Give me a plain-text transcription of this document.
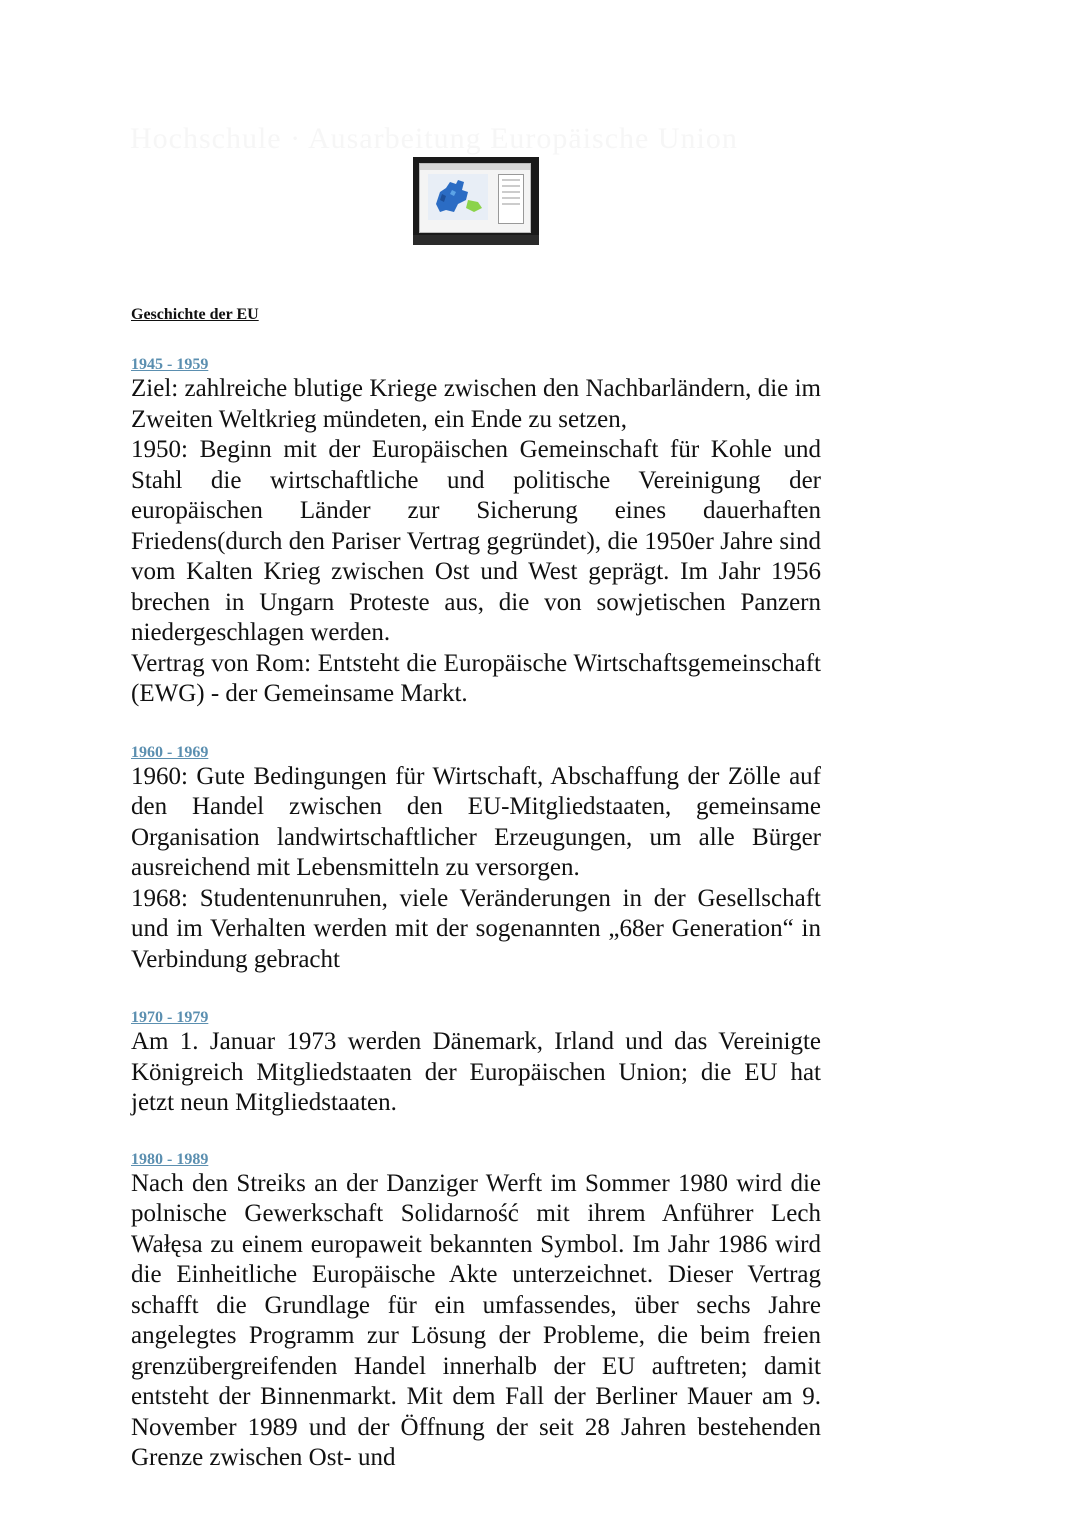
Hochschule · Ausarbeitung Europäische Union
Geschichte der EU
1945 - 1959

Ziel: zahlreiche blutige Kriege zwischen den Nachbarländern, die im Zweiten Weltkrieg mündeten, ein Ende zu setzen,

1950: Beginn mit der Europäischen Gemeinschaft für Kohle und Stahl die wirtschaftliche und politische Vereinigung der europäischen Länder zur Sicherung eines dauerhaften Friedens(durch den Pariser Vertrag gegründet), die 1950er Jahre sind vom Kalten Krieg zwischen Ost und West geprägt. Im Jahr 1956 brechen in Ungarn Proteste aus, die von sowjetischen Panzern niedergeschlagen werden.

Vertrag von Rom: Entsteht die Europäische Wirtschaftsgemeinschaft (EWG) - der Gemeinsame Markt.

1960 - 1969

1960: Gute Bedingungen für Wirtschaft, Abschaffung der Zölle auf den Handel zwischen den EU-Mitgliedstaaten, gemeinsame Organisation landwirtschaftlicher Erzeugungen, um alle Bürger ausreichend mit Lebensmitteln zu versorgen.

1968: Studentenunruhen, viele Veränderungen in der Gesellschaft und im Verhalten werden mit der sogenannten „68er Generation“ in Verbindung gebracht

1970 - 1979

Am 1. Januar 1973 werden Dänemark, Irland und das Vereinigte Königreich Mitgliedstaaten der Europäischen Union; die EU hat jetzt neun Mitgliedstaaten.

1980 - 1989

Nach den Streiks an der Danziger Werft im Sommer 1980 wird die polnische Gewerkschaft Solidarność mit ihrem Anführer Lech Wałęsa zu einem europaweit bekannten Symbol. Im Jahr 1986 wird die Einheitliche Europäische Akte unterzeichnet. Dieser Vertrag schafft die Grundlage für ein umfassendes, über sechs Jahre angelegtes Programm zur Lösung der Probleme, die beim freien grenzübergreifenden Handel innerhalb der EU auftreten; damit entsteht der Binnenmarkt. Mit dem Fall der Berliner Mauer am 9. November 1989 und der Öffnung der seit 28 Jahren bestehenden Grenze zwischen Ost- und
